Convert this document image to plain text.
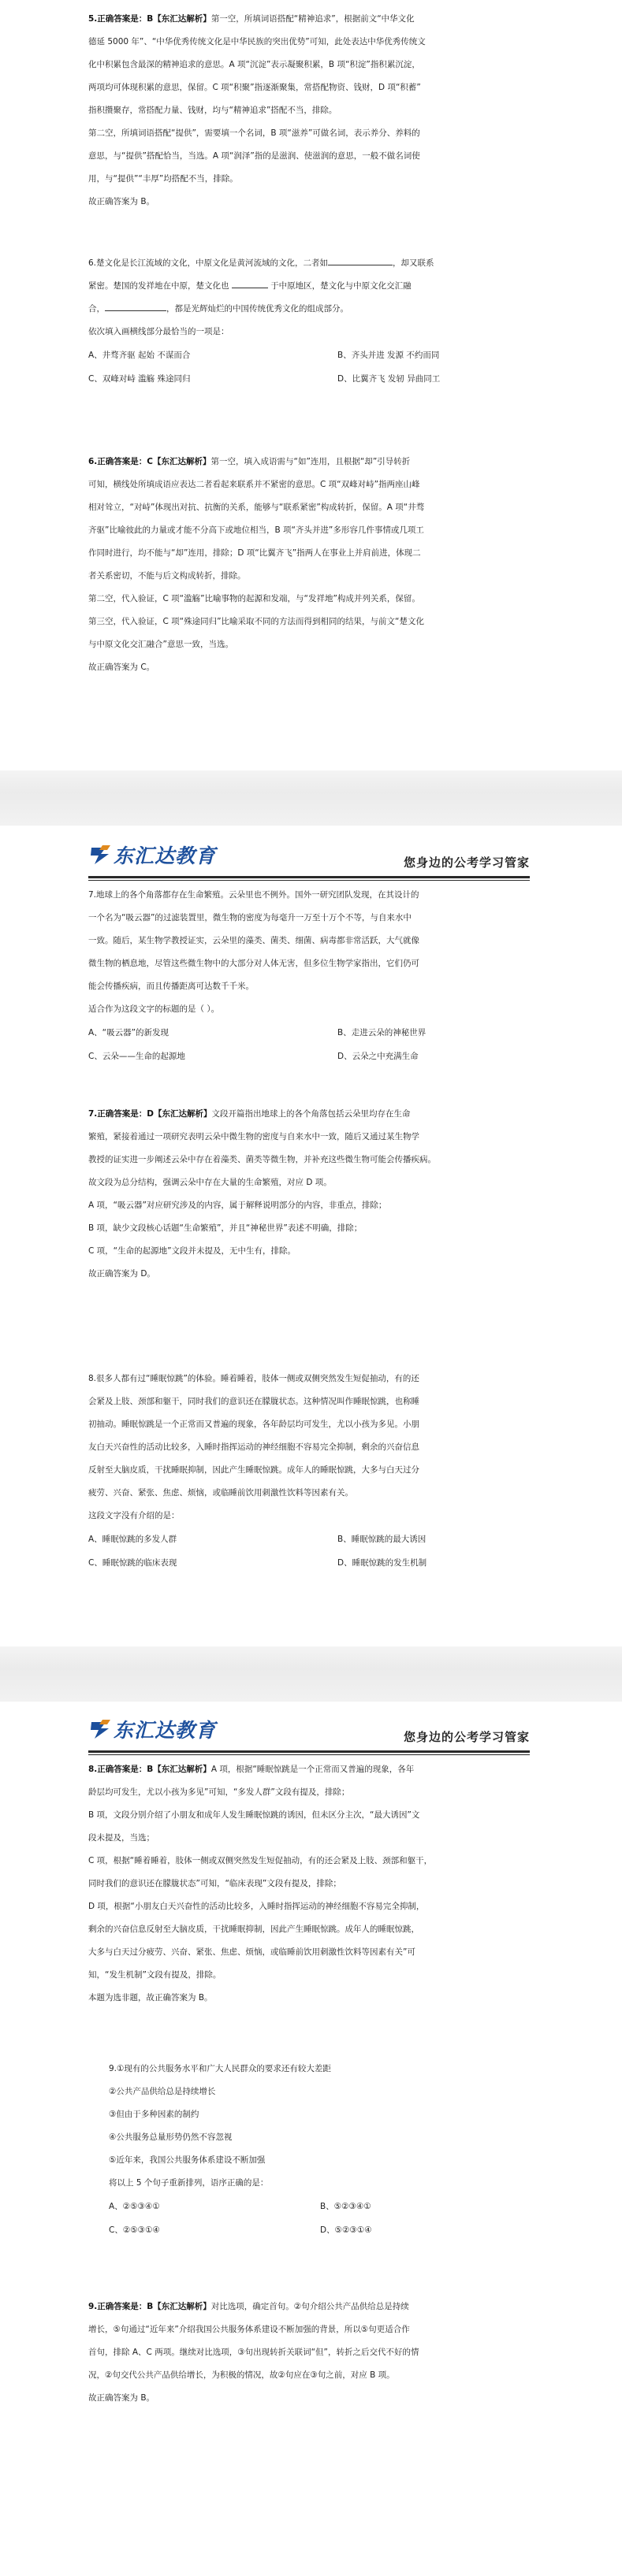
5.正确答案是：B【东汇达解析】第一空，所填词语搭配“精神追求”，根据前文“中华文化

德延 5000 年”、“中华优秀传统文化是中华民族的突出优势”可知，此处表达中华优秀传统文

化中积累包含最深的精神追求的意思。A 项“沉淀”表示凝聚积累，B 项“积淀”指积累沉淀，

两项均可体现积累的意思，保留。C 项“积聚”指逐渐聚集，常搭配物资、钱财，D 项“积蓄”

指积攒聚存，常搭配力量、钱财，均与“精神追求”搭配不当，排除。

第二空，所填词语搭配“提供”，需要填一个名词，B 项“滋养”可做名词，表示养分、养料的

意思，与“提供”搭配恰当，当选。A 项“润泽”指的是滋润、使滋润的意思，一般不做名词使

用，与“提供”“丰厚”均搭配不当，排除。

故正确答案为 B。

6.楚文化是长江流域的文化，中原文化是黄河流域的文化，二者如	，却又联系

紧密。楚国的发祥地在中原，楚文化也	于中原地区，楚文化与中原文化交汇融

合，	，都是光辉灿烂的中国传统优秀文化的组成部分。

依次填入画横线部分最恰当的一项是：

A、井骛齐驱 起始 不谋而合	B、齐头并进 发源 不约而同
C、双峰对峙 滥觞 殊途同归	D、比翼齐飞 发轫 异曲同工

6.正确答案是：C【东汇达解析】第一空，填入成语需与“如”连用，且根据“却”引导转折

可知，横线处所填成语应表达二者看起来联系并不紧密的意思。C 项“双峰对峙”指两座山峰

相对耸立，“对峙”体现出对抗、抗衡的关系，能够与“联系紧密”构成转折，保留。A 项“井骛

齐驱”比喻彼此的力量或才能不分高下或地位相当，B 项“齐头并进”多形容几件事情或几项工

作同时进行，均不能与“却”连用，排除；D 项“比翼齐飞”指两人在事业上并肩前进，体现二

者关系密切，不能与后文构成转折，排除。

第二空，代入验证，C 项“滥觞”比喻事物的起源和发端，与“发祥地”构成并列关系，保留。

第三空，代入验证，C 项“殊途同归”比喻采取不同的方法而得到相同的结果，与前文“楚文化

与中原文化交汇融合”意思一致，当选。

故正确答案为 C。

东汇达教育	您身边的公考学习管家

7.地球上的各个角落都存在生命繁殖。云朵里也不例外。国外一研究团队发现，在其设计的

一个名为“吸云器”的过滤装置里，微生物的密度为每毫升一万至十万个不等，与自来水中

一致。随后，某生物学教授证实，云朵里的藻类、菌类、细菌、病毒都非常活跃，大气就像

微生物的栖息地，尽管这些微生物中的大部分对人体无害，但多位生物学家指出，它们仍可

能会传播疾病，而且传播距离可达数千千米。

适合作为这段文字的标题的是（ ）。

A、“吸云器”的新发现	B、走进云朵的神秘世界
C、云朵——生命的起源地	D、云朵之中充满生命

7.正确答案是：D【东汇达解析】文段开篇指出地球上的各个角落包括云朵里均存在生命

繁殖，紧接着通过一项研究表明云朵中微生物的密度与自来水中一致，随后又通过某生物学

教授的证实进一步阐述云朵中存在着藻类、菌类等微生物，并补充这些微生物可能会传播疾病。

故文段为总分结构，强调云朵中存在大量的生命繁殖，对应 D 项。

A 项，“吸云器”对应研究涉及的内容，属于解释说明部分的内容，非重点，排除；

B 项，缺少文段核心话题“生命繁殖”，并且“神秘世界”表述不明确，排除；

C 项，“生命的起源地”文段并未提及，无中生有，排除。

故正确答案为 D。

8.很多人都有过“睡眠惊跳”的体验。睡着睡着，肢体一侧或双侧突然发生短促抽动，有的还

会紧及上肢、颈部和躯干，同时我们的意识还在朦胧状态。这种情况叫作睡眠惊跳，也称睡

初抽动。睡眠惊跳是一个正常而又普遍的现象，各年龄层均可发生，尤以小孩为多见。小朋

友白天兴奋性的活动比较多，入睡时指挥运动的神经细胞不容易完全抑制，剩余的兴奋信息

反射至大脑皮质，干扰睡眠抑制，因此产生睡眠惊跳。成年人的睡眠惊跳，大多与白天过分

疲劳、兴奋、紧张、焦虑、烦恼，或临睡前饮用刺激性饮料等因素有关。

这段文字没有介绍的是：

A、睡眠惊跳的多发人群	B、睡眠惊跳的最大诱因
C、睡眠惊跳的临床表现	D、睡眠惊跳的发生机制
东汇达教育	您身边的公考学习管家

8.正确答案是：B【东汇达解析】A 项，根据“睡眠惊跳是一个正常而又普遍的现象，各年

龄层均可发生，尤以小孩为多见”可知，“多发人群”文段有提及，排除；

B 项，文段分别介绍了小朋友和成年人发生睡眠惊跳的诱因，但未区分主次，“最大诱因”文

段未提及，当选；

C 项，根据“睡着睡着，肢体一侧或双侧突然发生短促抽动，有的还会紧及上肢、颈部和躯干，

同时我们的意识还在朦胧状态”可知，“临床表现”文段有提及，排除；

D 项，根据“小朋友白天兴奋性的活动比较多，入睡时指挥运动的神经细胞不容易完全抑制，

剩余的兴奋信息反射至大脑皮质，干扰睡眠抑制，因此产生睡眠惊跳。成年人的睡眠惊跳，

大多与白天过分疲劳、兴奋、紧张、焦虑、烦恼，或临睡前饮用刺激性饮料等因素有关”可

知，“发生机制”文段有提及，排除。

本题为选非题，故正确答案为 B。

9.①现有的公共服务水平和广大人民群众的要求还有较大差距

②公共产品供给总是持续增长

③但由于多种因素的制约

④公共服务总量形势仍然不容忽视

⑤近年来，我国公共服务体系建设不断加强

将以上 5 个句子重新排列，语序正确的是：

A、②⑤③④①	B、⑤②③④①
C、②⑤③①④	D、⑤②③①④

9.正确答案是：B【东汇达解析】对比选项，确定首句。②句介绍公共产品供给总是持续

增长，⑤句通过“近年来”介绍我国公共服务体系建设不断加强的背景，所以⑤句更适合作

首句，排除 A、C 两项。继续对比选项，③句出现转折关联词“但”，转折之后交代不好的情

况，②句交代公共产品供给增长，为积极的情况，故②句应在③句之前，对应 B 项。

故正确答案为 B。
